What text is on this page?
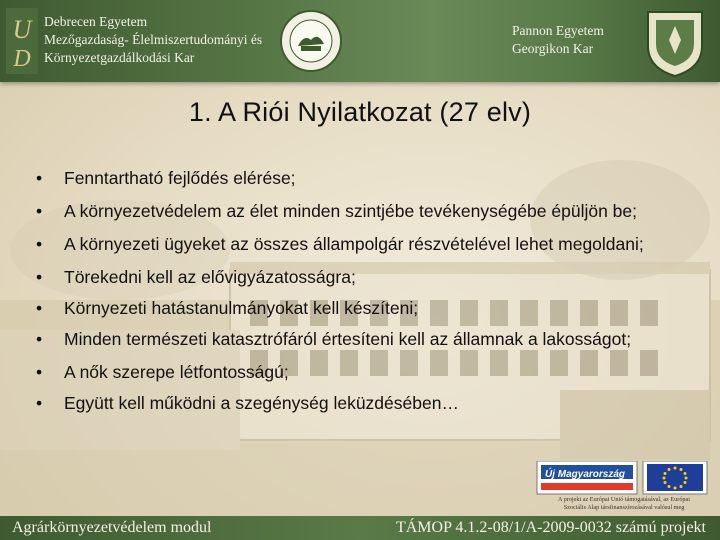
U
D
Debrecen Egyetem
Mezőgazdaság- Élelmiszertudományi és
Környezetgazdálkodási Kar
Pannon Egyetem
Georgikon Kar
1. A Riói Nyilatkozat (27 elv)
• Fenntartható fejlődés elérése;
• A környezetvédelem az élet minden szintjébe tevékenységébe épüljön be;
• A környezeti ügyeket az összes állampolgár részvételével lehet megoldani;
• Törekedni kell az elővigyázatosságra;
• Környezeti hatástanulmányokat kell készíteni;
• Minden természeti katasztrófáról értesíteni kell az államnak a lakosságot;
• A nők szerepe létfontosságú;
• Együtt kell működni a szegénység leküzdésében…
Új Magyarország
A projekt az Európai Unió támogatásával, az Európai
Szociális Alap társfinanszírozásával valósul meg
Agrárkörnyezetvédelem modul	TÁMOP 4.1.2-08/1/A-2009-0032 számú projekt
